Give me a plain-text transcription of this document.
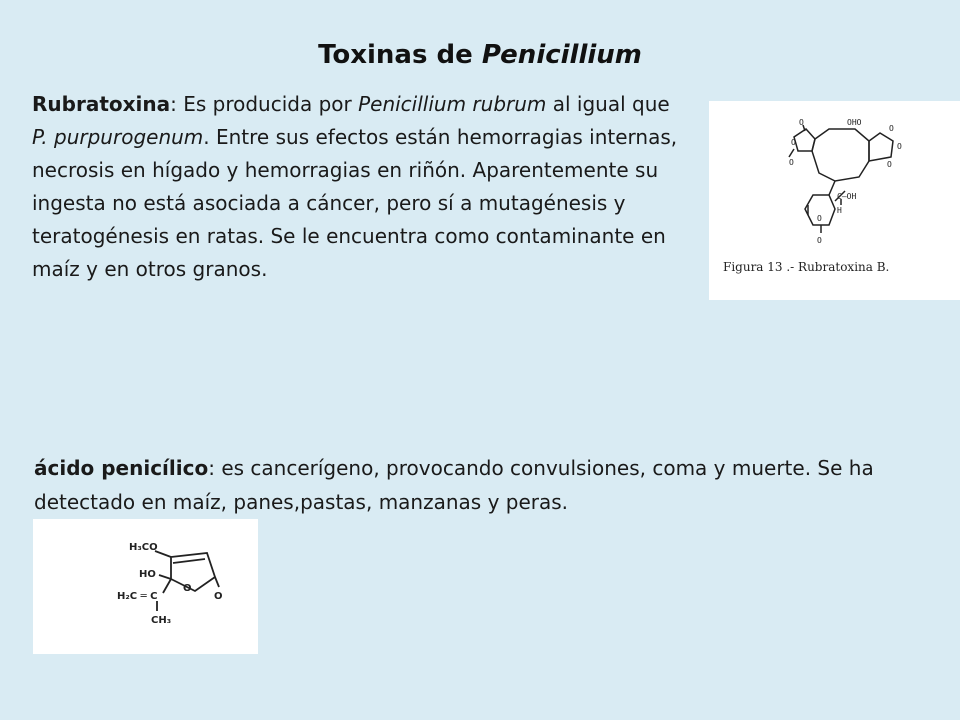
Toxinas de Penicillium
Rubratoxina: Es producida por Penicillium rubrum al igual que P. purpurogenum. Entre sus efectos están hemorragias internas, necrosis en hígado y hemorragias en riñón. Aparentemente su ingesta no está asociada a cáncer, pero sí a mutagénesis y teratogénesis en ratas. Se le encuentra como contaminante en maíz y en otros granos.
O	OHO
O
O
O
O
O
C—OH
H
O
O
Figura 13 .- Rubratoxina B.
ácido penicílico: es cancerígeno, provocando convulsiones, coma y muerte. Se ha detectado en maíz, panes,pastas, manzanas y peras.
H₃CO
HO
H₂C ═ C
O
O
CH₃
